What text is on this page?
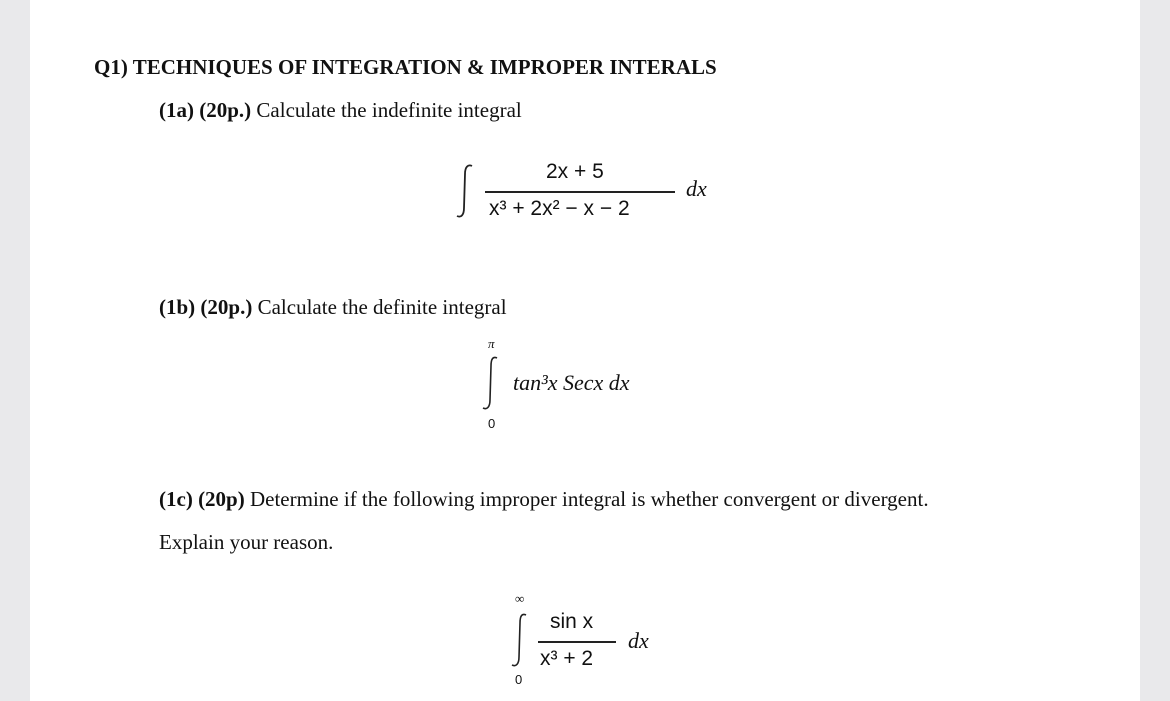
Q1) TECHNIQUES OF INTEGRATION & IMPROPER INTERALS
(1a) (20p.) Calculate the indefinite integral
2x + 5
x³ + 2x² − x − 2
dx
(1b) (20p.) Calculate the definite integral
π
0
tan³x Secx dx
(1c) (20p) Determine if the following improper integral is whether convergent or divergent.
Explain your reason.
∞
0
sin x
x³ + 2
dx
